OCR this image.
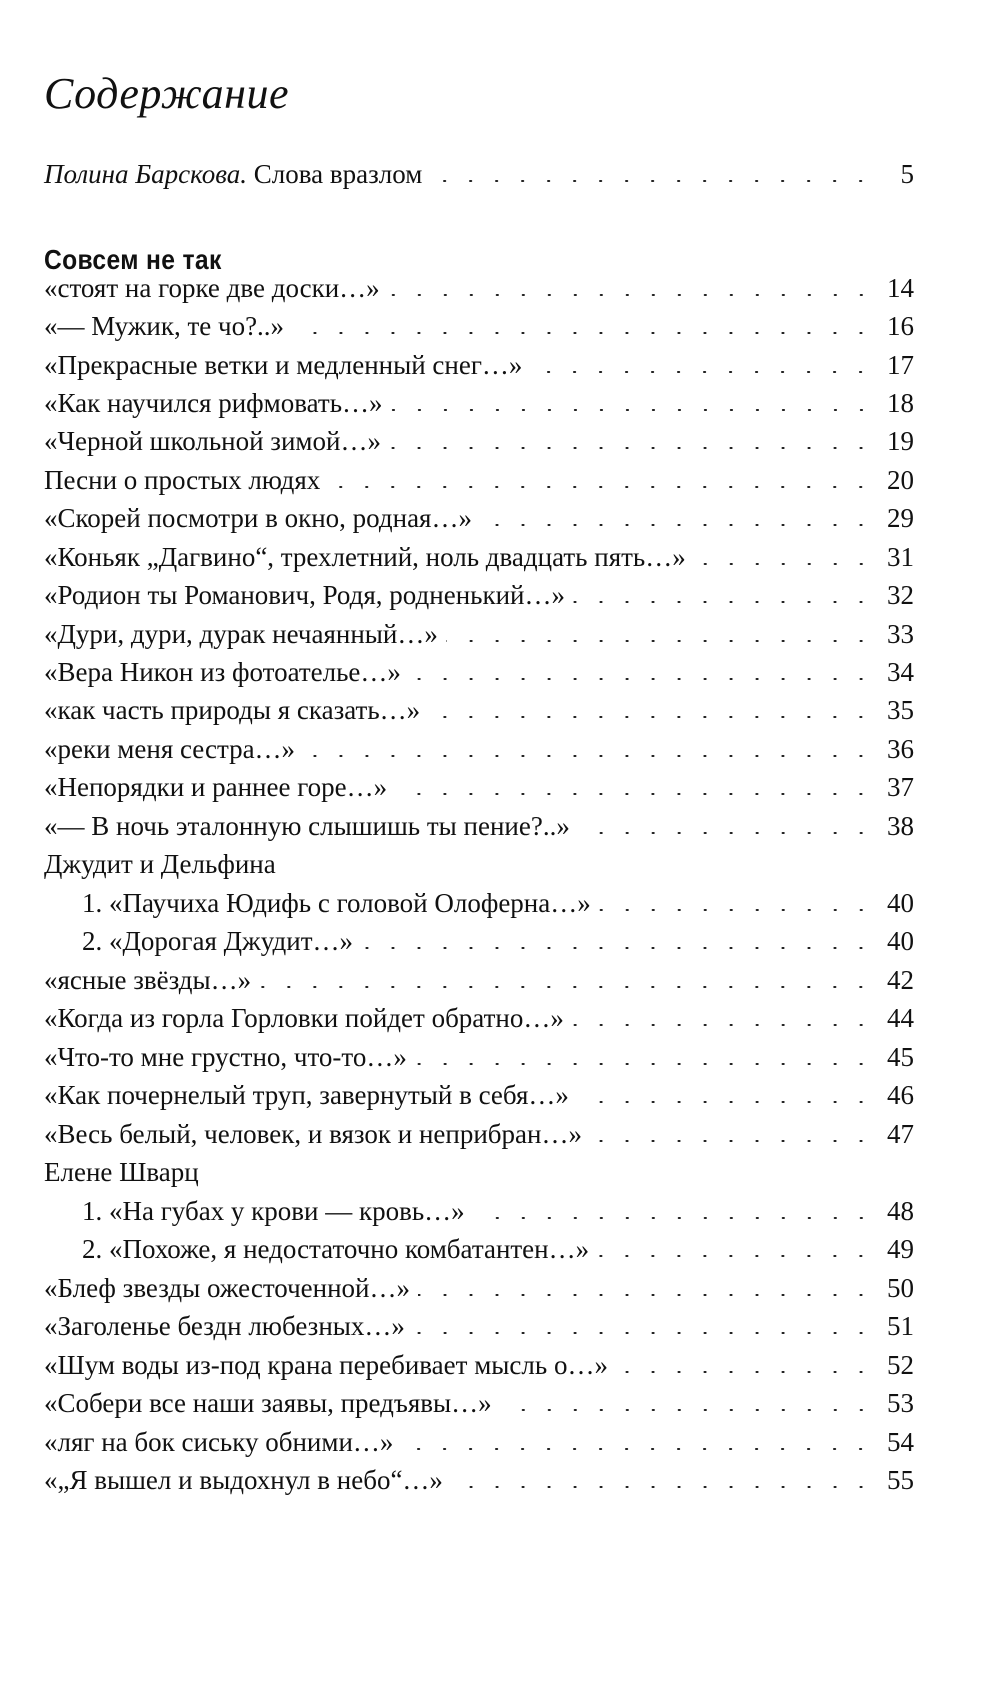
Содержание
Полина Барскова. Слова вразлом	5
Совсем не так
«стоят на горке две доски…»	14
«— Мужик, те чо?..»	16
«Прекрасные ветки и медленный снег…»	17
«Как научился рифмовать…»	18
«Черной школьной зимой…»	19
Песни о простых людях	20
«Скорей посмотри в окно, родная…»	29
«Коньяк „Дагвино“, трехлетний, ноль двадцать пять…»	31
«Родион ты Романович, Родя, родненький…»	32
«Дури, дури, дурак нечаянный…»	33
«Вера Никон из фотоателье…»	34
«как часть природы я сказать…»	35
«реки меня сестра…»	36
«Непорядки и раннее горе…»	37
«— В ночь эталонную слышишь ты пение?..»	38
Джудит и Дельфина
1. «Паучиха Юдифь с головой Олоферна…»	40
2. «Дорогая Джудит…»	40
«ясные звёзды…»	42
«Когда из горла Горловки пойдет обратно…»	44
«Что-то мне грустно, что-то…»	45
«Как почернелый труп, завернутый в себя…»	46
«Весь белый, человек, и вязок и неприбран…»	47
Елене Шварц
1. «На губах у крови — кровь…»	48
2. «Похоже, я недостаточно комбатантен…»	49
«Блеф звезды ожесточенной…»	50
«Заголенье бездн любезных…»	51
«Шум воды из-под крана перебивает мысль о…»	52
«Собери все наши заявы, предъявы…»	53
«ляг на бок сиську обними…»	54
«„Я вышел и выдохнул в небо“…»	55
